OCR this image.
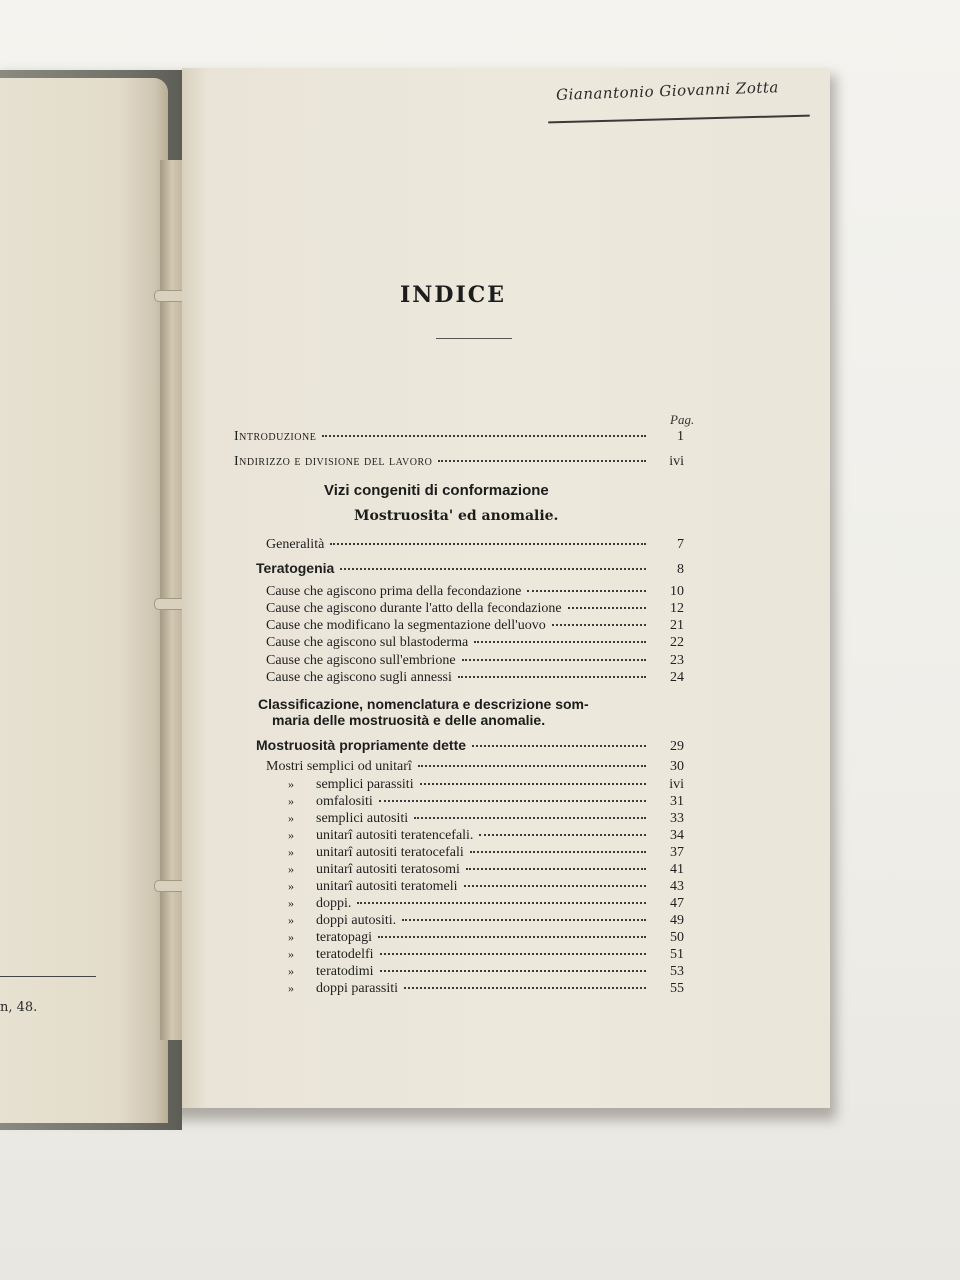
n, 48.
Gianantonio Giovanni Zotta
INDICE
Pag.
Introduzione	1
Indirizzo e divisione del lavoro	ivi
Vizi congeniti di conformazione
Mostruosita' ed anomalie.
Generalità	7
Teratogenia	8
Cause che agiscono prima della fecondazione	10
Cause che agiscono durante l'atto della fecondazione	12
Cause che modificano la segmentazione dell'uovo	21
Cause che agiscono sul blastoderma	22
Cause che agiscono sull'embrione	23
Cause che agiscono sugli annessi	24
Classificazione, nomenclatura e descrizione som-
maria delle mostruosità e delle anomalie.
Mostruosità propriamente dette	29
Mostri semplici od unitarî	30
»	semplici parassiti	ivi
»	omfalositi	31
»	semplici autositi	33
»	unitarî autositi teratencefali.	34
»	unitarî autositi teratocefali	37
»	unitarî autositi teratosomi	41
»	unitarî autositi teratomeli	43
»	doppi.	47
»	doppi autositi.	49
»	teratopagi	50
»	teratodelfi	51
»	teratodimi	53
»	doppi parassiti	55
